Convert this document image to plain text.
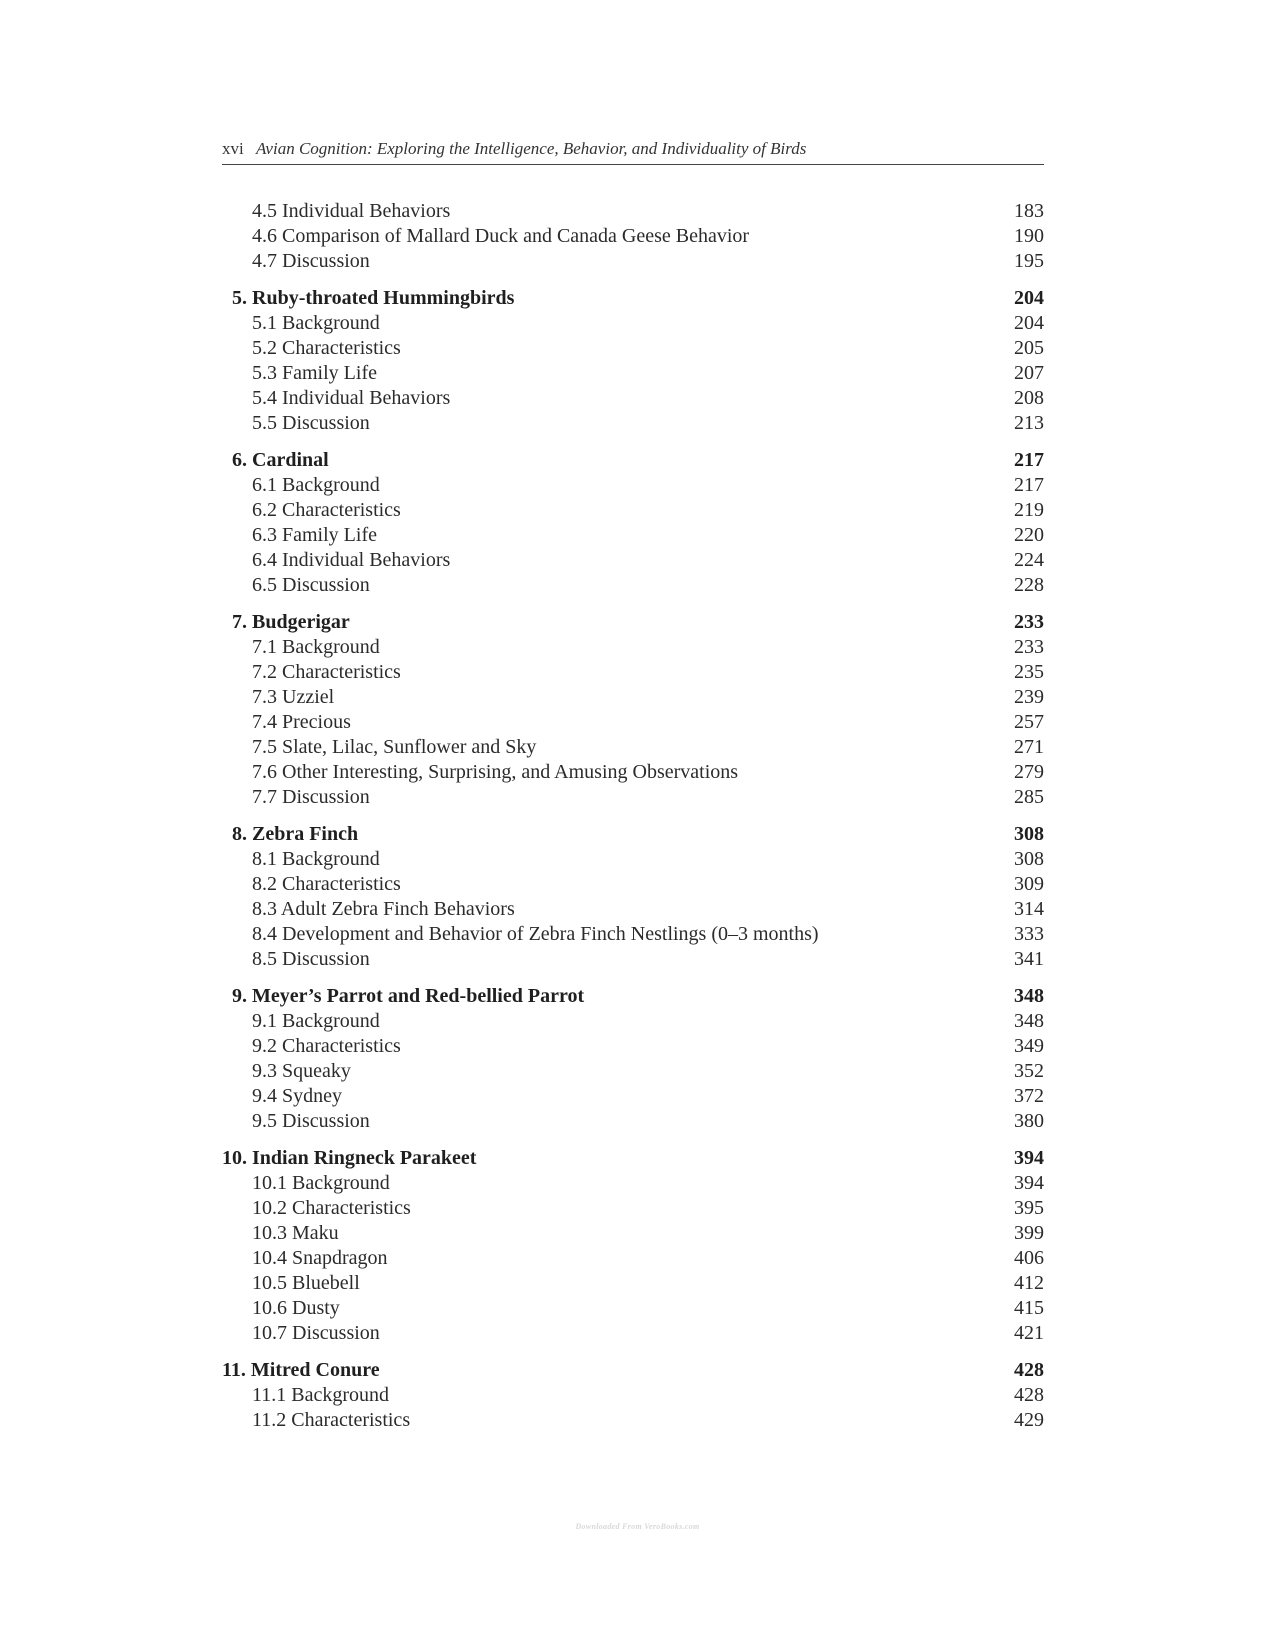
xvi Avian Cognition: Exploring the Intelligence, Behavior, and Individuality of Birds
4.5 Individual Behaviors	183
4.6 Comparison of Mallard Duck and Canada Geese Behavior	190
4.7 Discussion	195
5. Ruby-throated Hummingbirds	204
5.1 Background	204
5.2 Characteristics	205
5.3 Family Life	207
5.4 Individual Behaviors	208
5.5 Discussion	213
6. Cardinal	217
6.1 Background	217
6.2 Characteristics	219
6.3 Family Life	220
6.4 Individual Behaviors	224
6.5 Discussion	228
7. Budgerigar	233
7.1 Background	233
7.2 Characteristics	235
7.3 Uzziel	239
7.4 Precious	257
7.5 Slate, Lilac, Sunflower and Sky	271
7.6 Other Interesting, Surprising, and Amusing Observations	279
7.7 Discussion	285
8. Zebra Finch	308
8.1 Background	308
8.2 Characteristics	309
8.3 Adult Zebra Finch Behaviors	314
8.4 Development and Behavior of Zebra Finch Nestlings (0–3 months)	333
8.5 Discussion	341
9. Meyer’s Parrot and Red-bellied Parrot	348
9.1 Background	348
9.2 Characteristics	349
9.3 Squeaky	352
9.4 Sydney	372
9.5 Discussion	380
10. Indian Ringneck Parakeet	394
10.1 Background	394
10.2 Characteristics	395
10.3 Maku	399
10.4 Snapdragon	406
10.5 Bluebell	412
10.6 Dusty	415
10.7 Discussion	421
11. Mitred Conure	428
11.1 Background	428
11.2 Characteristics	429
Downloaded From VeroBooks.com
